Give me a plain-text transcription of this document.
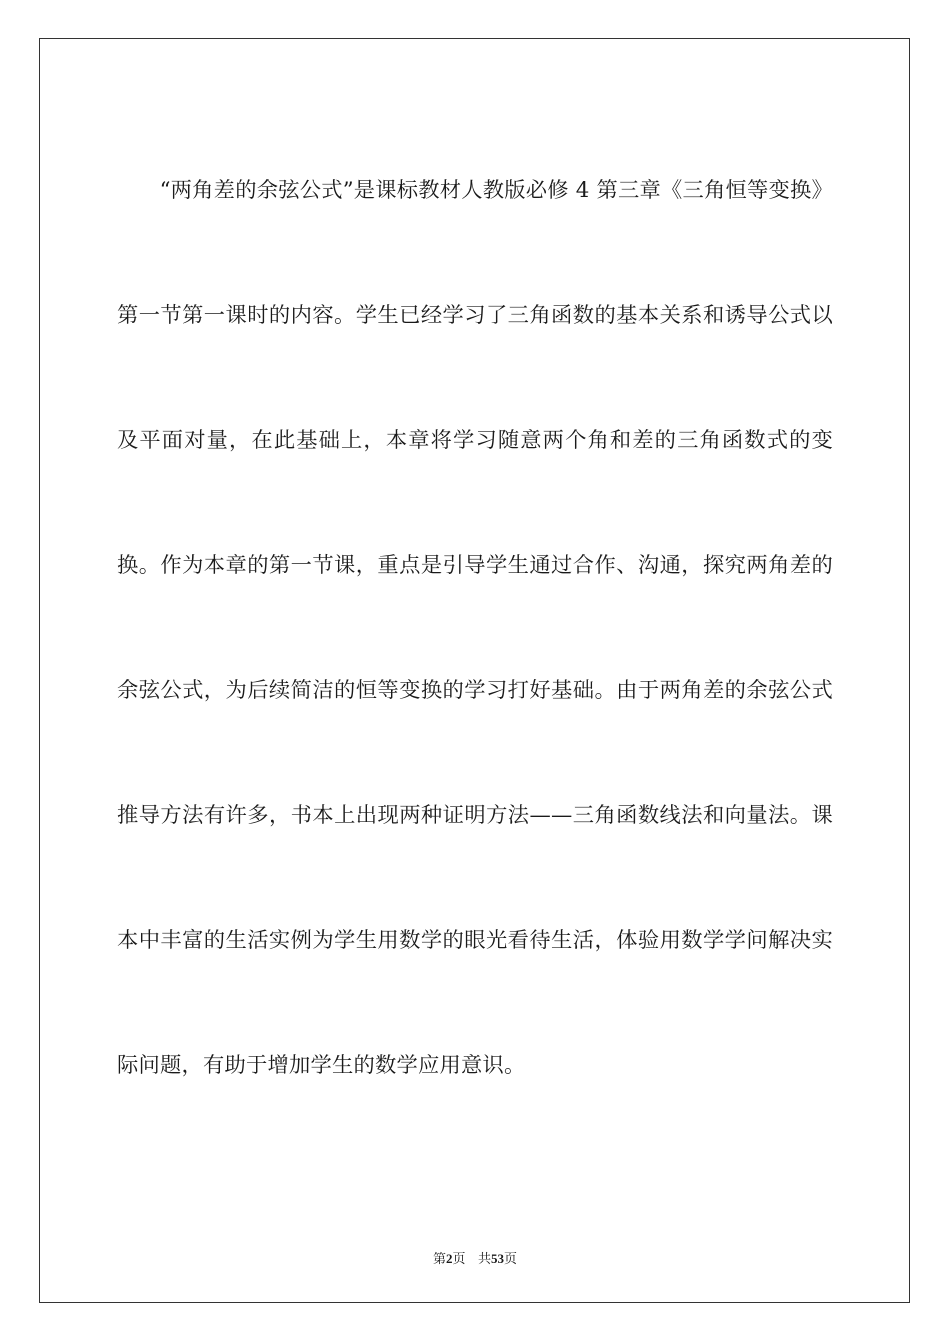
“两角差的余弦公式”是课标教材人教版必修 4 第三章《三角恒等变换》第一节第一课时的内容。学生已经学习了三角函数的基本关系和诱导公式以及平面对量，在此基础上，本章将学习随意两个角和差的三角函数式的变换。作为本章的第一节课，重点是引导学生通过合作、沟通，探究两角差的余弦公式，为后续简洁的恒等变换的学习打好基础。由于两角差的余弦公式推导方法有许多，书本上出现两种证明方法——三角函数线法和向量法。课本中丰富的生活实例为学生用数学的眼光看待生活，体验用数学学问解决实际问题，有助于增加学生的数学应用意识。

第2页 共53页
